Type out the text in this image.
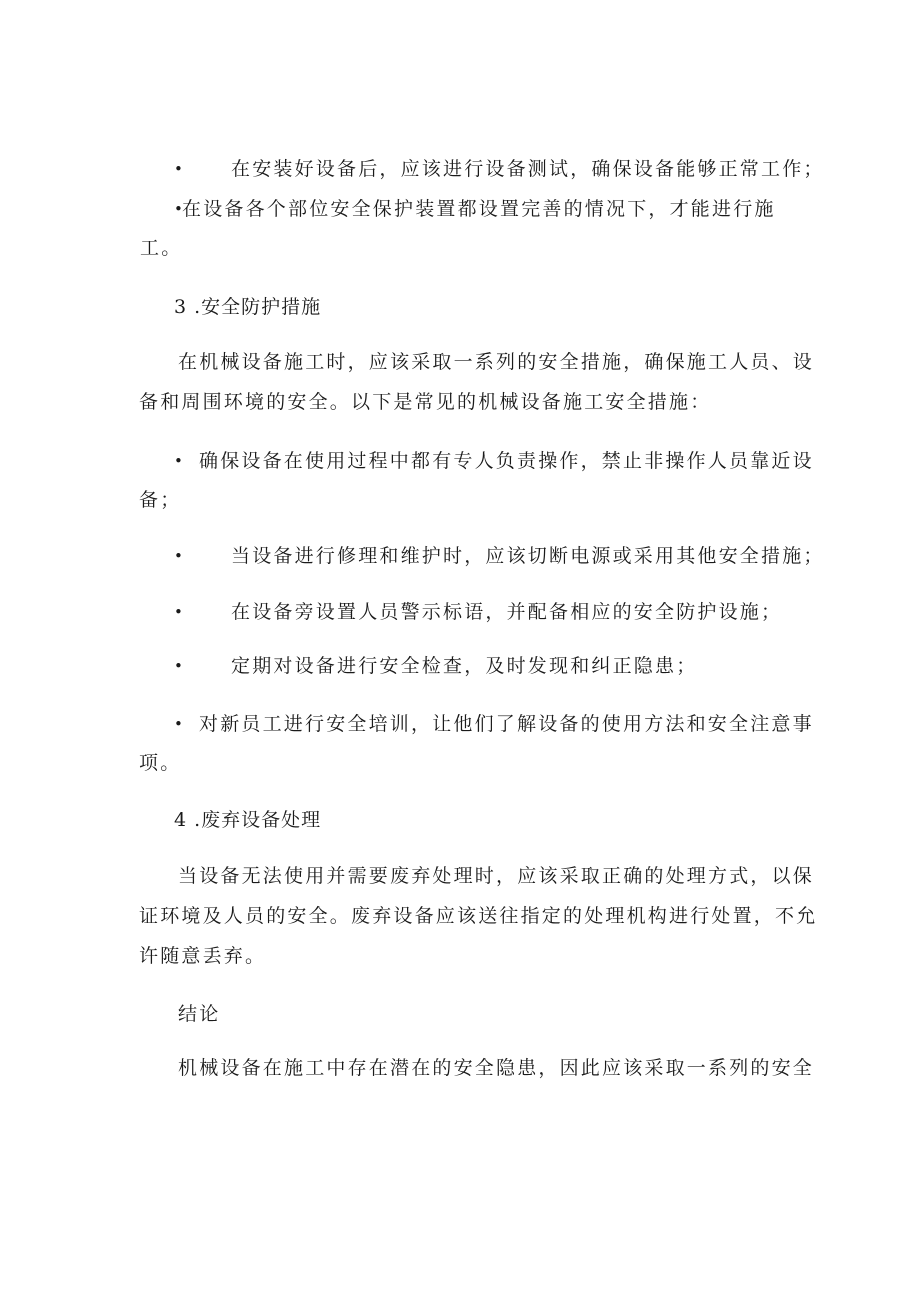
•	在安装好设备后，应该进行设备测试，确保设备能够正常工作；
• 在设备各个部位安全保护装置都设置完善的情况下，才能进行施
工。
3 .安全防护措施
在机械设备施工时，应该采取一系列的安全措施，确保施工人员、设
备和周围环境的安全。以下是常见的机械设备施工安全措施：
• 确保设备在使用过程中都有专人负责操作，禁止非操作人员靠近设
备；
•	当设备进行修理和维护时，应该切断电源或采用其他安全措施；
•	在设备旁设置人员警示标语，并配备相应的安全防护设施；
•	定期对设备进行安全检查，及时发现和纠正隐患；
• 对新员工进行安全培训，让他们了解设备的使用方法和安全注意事
项。
4 .废弃设备处理
当设备无法使用并需要废弃处理时，应该采取正确的处理方式，以保
证环境及人员的安全。废弃设备应该送往指定的处理机构进行处置，不允
许随意丢弃。
结论
机械设备在施工中存在潜在的安全隐患，因此应该采取一系列的安全
